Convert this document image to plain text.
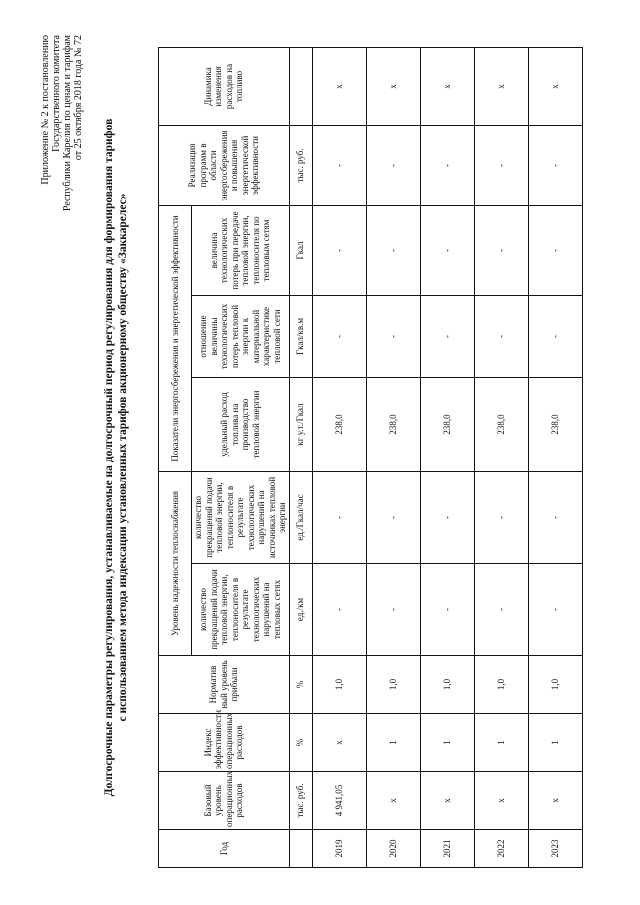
Приложение № 2 к постановлению Государственного комитета Республики Карелия по ценам и тарифам от 25 октября 2018 года № 72
Долгосрочные параметры регулирования, устанавливаемые на долгосрочный период регулирования для формирования тарифов с использованием метода индексации установленных тарифов акционерному обществу «Заккарелес»
Год	Базовый уровень операционных расходов	Индекс эффективности операционных расходов	Норматив ный уровень прибыли	Уровень надежности теплоснабжения		Показатели энергосбережения и энергетической эффективности			Реализация программ в области энергосбережения и повышения энергетической эффективности	Динамика изменения расходов на топливо
				количество прекращений подачи тепловой энергии, теплоносителя в результате технологических нарушений на тепловых сетях	количество прекращений подачи тепловой энергии, теплоносителя в результате технологических нарушений на источниках тепловой энергии	удельный расход топлива на производство тепловой энергии	отношение величины технологических потерь тепловой энергии к материальной характеристике тепловой сети	величина технологических потерь при передаче тепловой энергии, теплоносителя по тепловым сетям		
	тыс. руб.	%	%	ед./км	ед./Гкал/час	кг у.т./Гкал	Гкал/кв.м	Гкал	тыс. руб.	
2019	4 941,05	x	1,0	-	-	238,0	-	-	-	x
2020	x	1	1,0	-	-	238,0	-	-	-	x
2021	x	1	1,0	-	-	238,0	-	-	-	x
2022	x	1	1,0	-	-	238,0	-	-	-	x
2023	x	1	1,0	-	-	238,0	-	-	-	x
